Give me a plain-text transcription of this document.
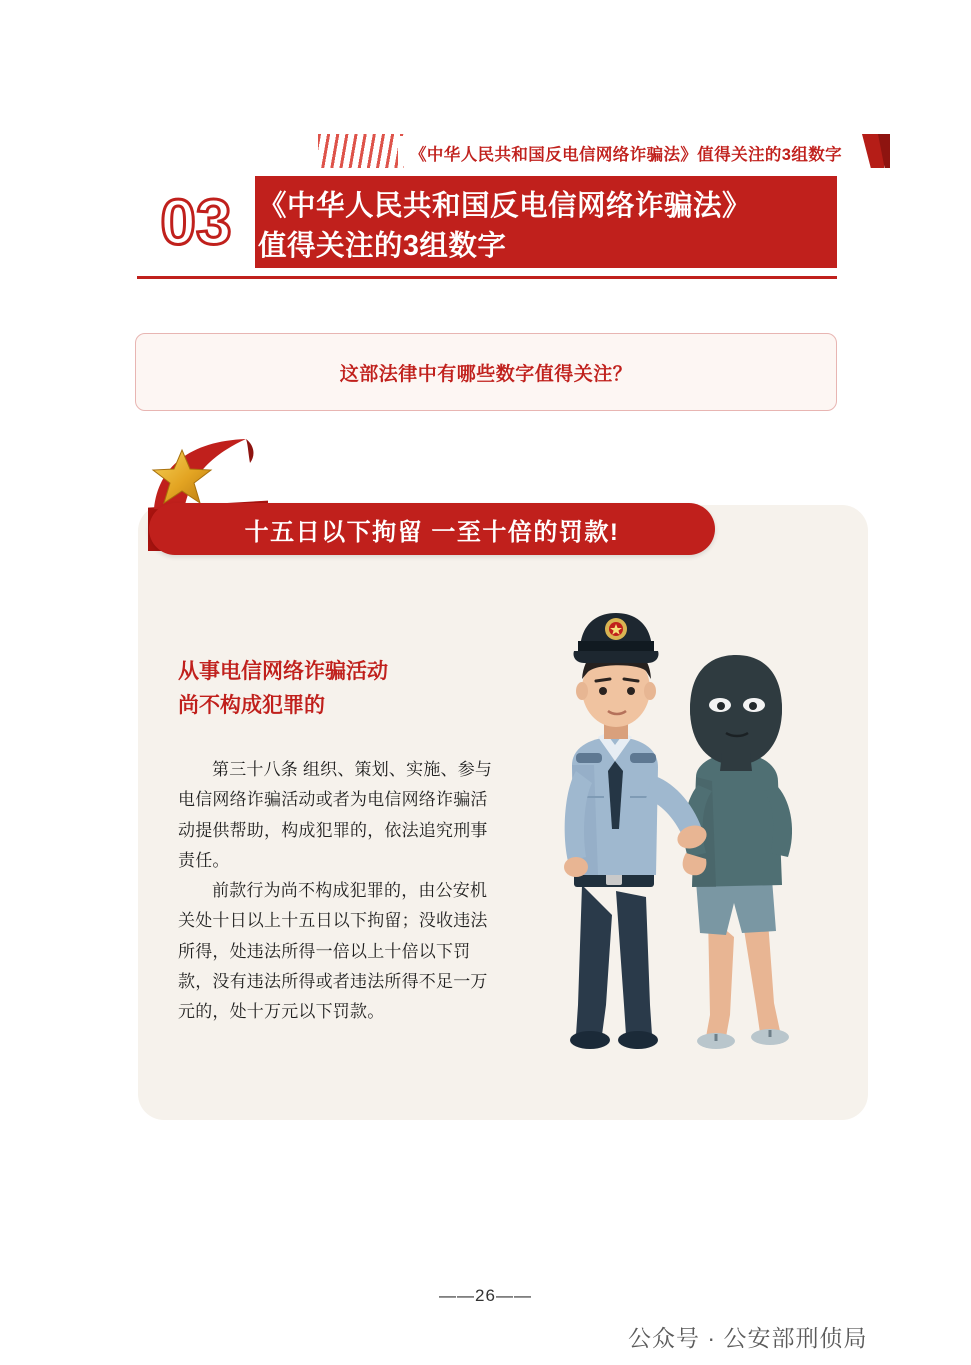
《中华人民共和国反电信网络诈骗法》值得关注的3组数字
03 《中华人民共和国反电信网络诈骗法》
值得关注的3组数字
这部法律中有哪些数字值得关注？
十五日以下拘留 一至十倍的罚款!
从事电信网络诈骗活动
尚不构成犯罪的

第三十八条 组织、策划、实施、参与电信网络诈骗活动或者为电信网络诈骗活动提供帮助，构成犯罪的，依法追究刑事责任。

前款行为尚不构成犯罪的，由公安机关处十日以上十五日以下拘留；没收违法所得，处违法所得一倍以上十倍以下罚款，没有违法所得或者违法所得不足一万元的，处十万元以下罚款。

——26——
公众号 · 公安部刑侦局
